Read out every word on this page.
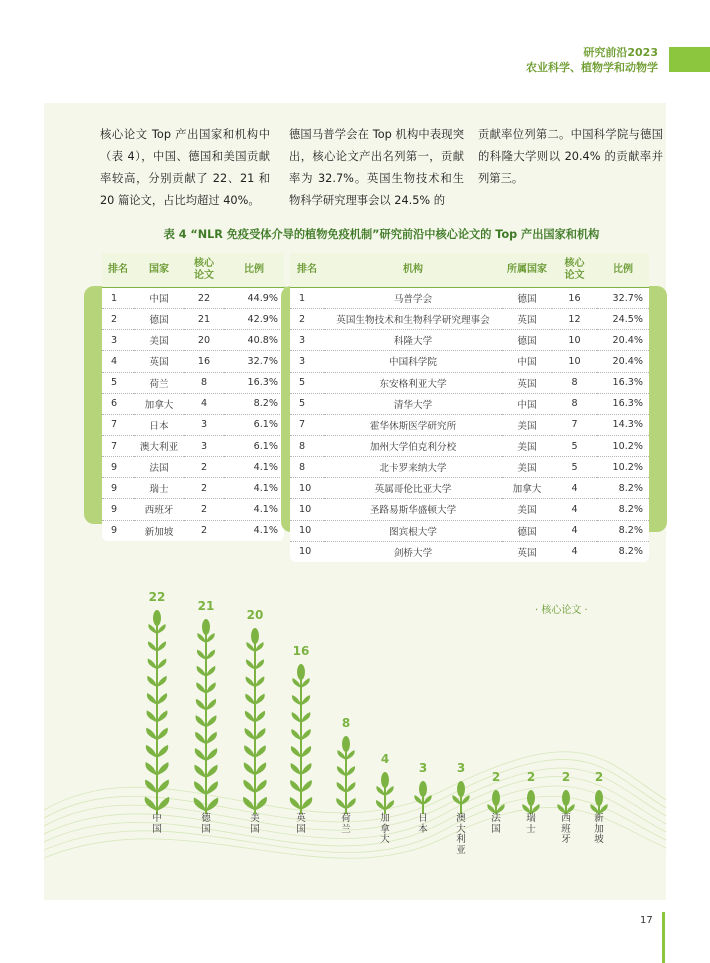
研究前沿2023
农业科学、植物学和动物学
核心论文 Top 产出国家和机构中（表 4），中国、德国和美国贡献率较高，分别贡献了 22、21 和 20 篇论文，占比均超过 40%。
德国马普学会在 Top 机构中表现突出，核心论文产出名列第一，贡献率为 32.7%。英国生物技术和生物科学研究理事会以 24.5% 的
贡献率位列第二。中国科学院与德国的科隆大学则以 20.4% 的贡献率并列第三。
表 4 “NLR 免疫受体介导的植物免疫机制”研究前沿中核心论文的 Top 产出国家和机构
排名	国家	核心论文	比例
1	中国	22	44.9%
2	德国	21	42.9%
3	美国	20	40.8%
4	英国	16	32.7%
5	荷兰	8	16.3%
6	加拿大	4	8.2%
7	日本	3	6.1%
7	澳大利亚	3	6.1%
9	法国	2	4.1%
9	瑞士	2	4.1%
9	西班牙	2	4.1%
9	新加坡	2	4.1%
排名	机构	所属国家	核心论文	比例
1	马普学会	德国	16	32.7%
2	英国生物技术和生物科学研究理事会	英国	12	24.5%
3	科隆大学	德国	10	20.4%
3	中国科学院	中国	10	20.4%
5	东安格利亚大学	英国	8	16.3%
5	清华大学	中国	8	16.3%
7	霍华休斯医学研究所	美国	7	14.3%
8	加州大学伯克利分校	美国	5	10.2%
8	北卡罗来纳大学	美国	5	10.2%
10	英属哥伦比亚大学	加拿大	4	8.2%
10	圣路易斯华盛顿大学	美国	4	8.2%
10	图宾根大学	德国	4	8.2%
10	剑桥大学	英国	4	8.2%
· 核心论文 ·
22
中国
21
德国
20
美国
16
英国
8
荷兰
4
加拿大
3
日本
3
澳大利亚
2
法国
2
瑞士
2
西班牙
2
新加坡
17
